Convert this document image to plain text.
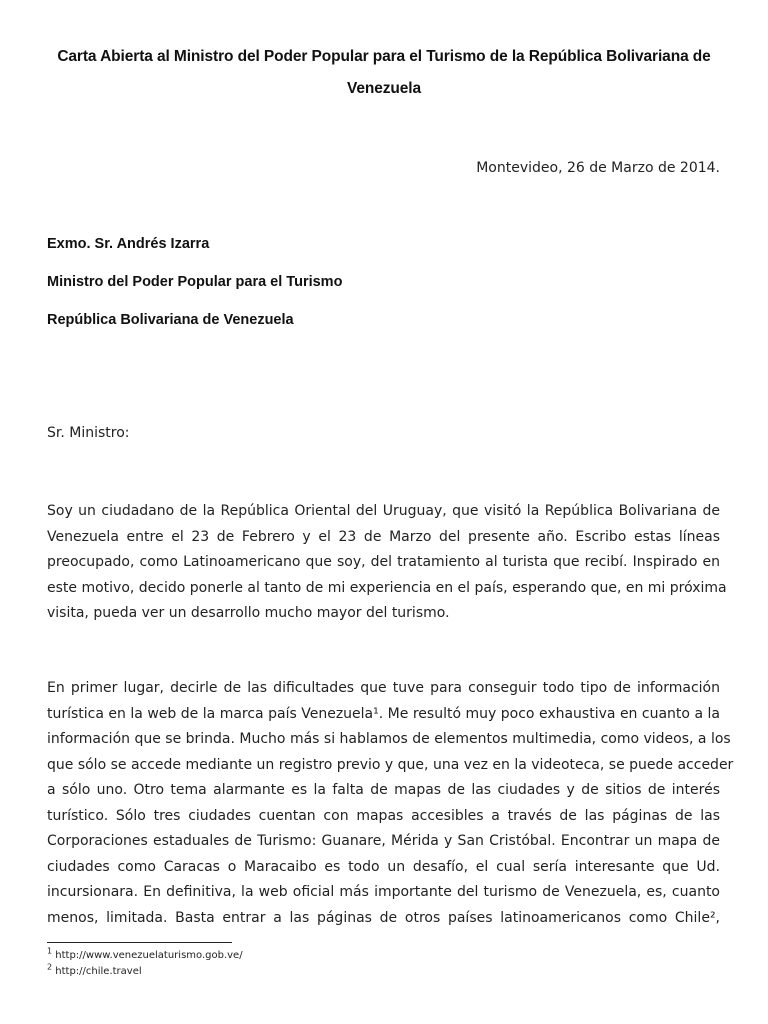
Carta Abierta al Ministro del Poder Popular para el Turismo de la República Bolivariana de
Venezuela
Montevideo, 26 de Marzo de 2014.
Exmo. Sr. Andrés Izarra
Ministro del Poder Popular para el Turismo
República Bolivariana de Venezuela
Sr. Ministro:
Soy un ciudadano de la República Oriental del Uruguay, que visitó la República Bolivariana de
Venezuela entre el 23 de Febrero y el 23 de Marzo del presente año. Escribo estas líneas
preocupado, como Latinoamericano que soy, del tratamiento al turista que recibí. Inspirado en
este motivo, decido ponerle al tanto de mi experiencia en el país, esperando que, en mi próxima
visita, pueda ver un desarrollo mucho mayor del turismo.
En primer lugar, decirle de las dificultades que tuve para conseguir todo tipo de información
turística en la web de la marca país Venezuela¹. Me resultó muy poco exhaustiva en cuanto a la
información que se brinda. Mucho más si hablamos de elementos multimedia, como videos, a los
que sólo se accede mediante un registro previo y que, una vez en la videoteca, se puede acceder
a sólo uno. Otro tema alarmante es la falta de mapas de las ciudades y de sitios de interés
turístico. Sólo tres ciudades cuentan con mapas accesibles a través de las páginas de las
Corporaciones estaduales de Turismo: Guanare, Mérida y San Cristóbal. Encontrar un mapa de
ciudades como Caracas o Maracaibo es todo un desafío, el cual sería interesante que Ud.
incursionara. En definitiva, la web oficial más importante del turismo de Venezuela, es, cuanto
menos, limitada. Basta entrar a las páginas de otros países latinoamericanos como Chile²,
$^1$ http://www.venezuelaturismo.gob.ve/
$^2$ http://chile.travel
